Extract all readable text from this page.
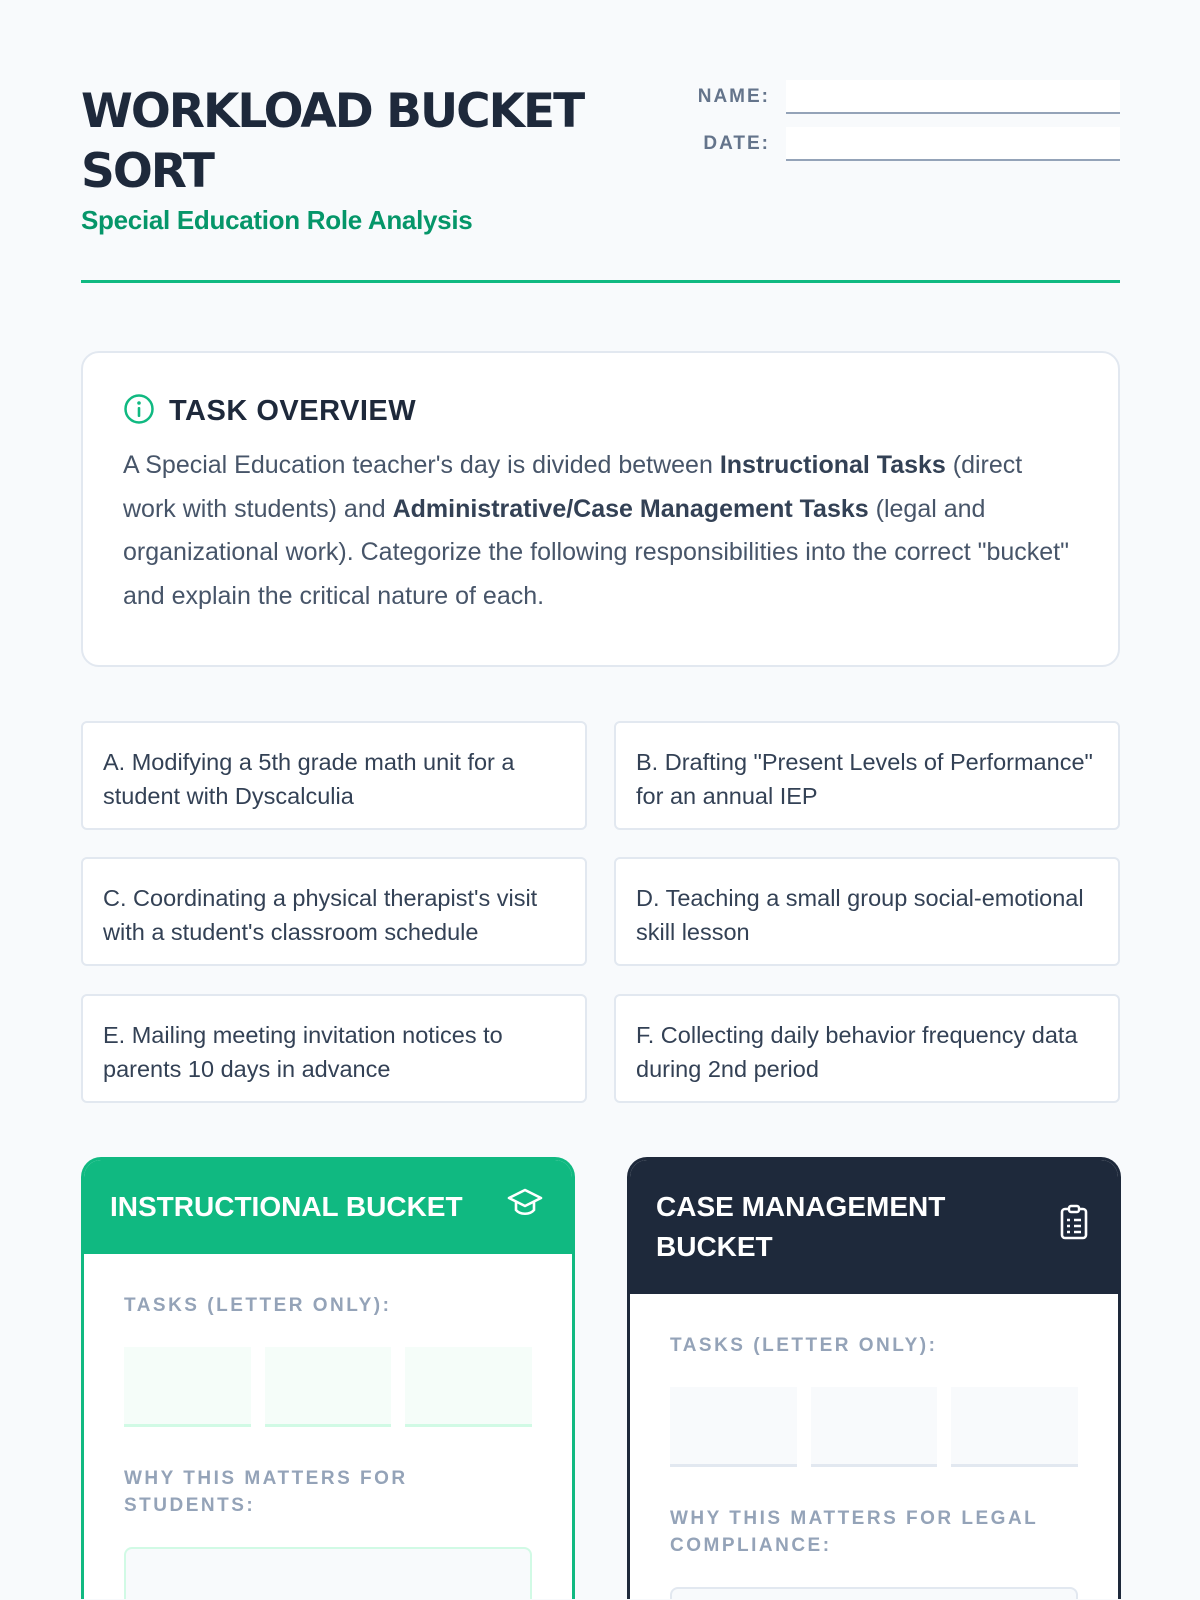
WORKLOAD BUCKET SORT
Special Education Role Analysis
NAME:
DATE:
TASK OVERVIEW

A Special Education teacher's day is divided between Instructional Tasks (direct work with students) and Administrative/Case Management Tasks (legal and organizational work). Categorize the following responsibilities into the correct "bucket" and explain the critical nature of each.

A. Modifying a 5th grade math unit for a student with Dyscalculia
B. Drafting "Present Levels of Performance" for an annual IEP
C. Coordinating a physical therapist's visit with a student's classroom schedule
D. Teaching a small group social-emotional skill lesson
E. Mailing meeting invitation notices to parents 10 days in advance
F. Collecting daily behavior frequency data during 2nd period
INSTRUCTIONAL BUCKET
TASKS (LETTER ONLY):
WHY THIS MATTERS FOR STUDENTS:
CASE MANAGEMENT BUCKET
TASKS (LETTER ONLY):
WHY THIS MATTERS FOR LEGAL COMPLIANCE:
